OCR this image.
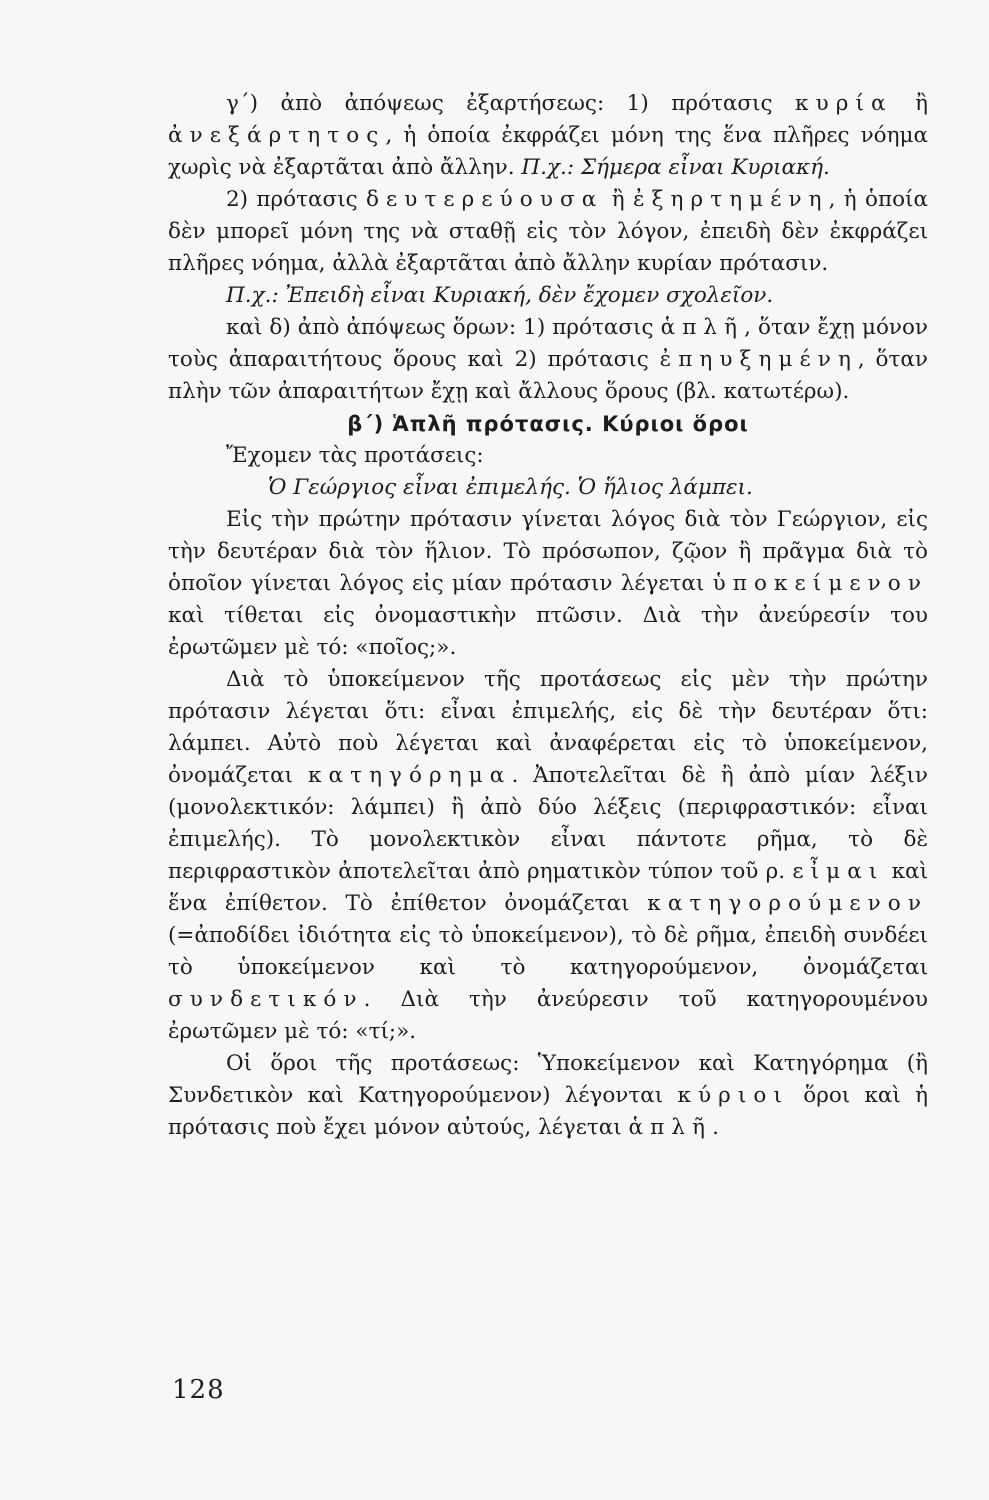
γ΄) ἀπὸ ἀπόψεως ἐξαρτήσεως: 1) πρότασις κυρία ἢ ἀνεξάρτητος, ἡ ὁποία ἐκφράζει μόνη της ἕνα πλῆρες νόημα χωρὶς νὰ ἐξαρτᾶται ἀπὸ ἄλλην. Π.χ.: Σήμερα εἶναι Κυριακή.

2) πρότασις δευτερεύουσα ἢ ἐξηρτημένη, ἡ ὁποία δὲν μπορεῖ μόνη της νὰ σταθῇ εἰς τὸν λόγον, ἐπειδὴ δὲν ἐκφράζει πλῆρες νόημα, ἀλλὰ ἐξαρτᾶται ἀπὸ ἄλλην κυρίαν πρότασιν.

Π.χ.: Ἐπειδὴ εἶναι Κυριακή, δὲν ἔχομεν σχολεῖον.

καὶ δ) ἀπὸ ἀπόψεως ὅρων: 1) πρότασις ἁπλῆ, ὅταν ἔχῃ μόνον τοὺς ἀπαραιτήτους ὅρους καὶ 2) πρότασις ἐπηυξημένη, ὅταν πλὴν τῶν ἀπαραιτήτων ἔχῃ καὶ ἄλλους ὅρους (βλ. κατωτέρω).

β΄) Ἁπλῆ πρότασις. Κύριοι ὅροι

Ἔχομεν τὰς προτάσεις:

Ὁ Γεώργιος εἶναι ἐπιμελής. Ὁ ἥλιος λάμπει.

Εἰς τὴν πρώτην πρότασιν γίνεται λόγος διὰ τὸν Γεώργιον, εἰς τὴν δευτέραν διὰ τὸν ἥλιον. Τὸ πρόσωπον, ζῷον ἢ πρᾶγμα διὰ τὸ ὁποῖον γίνεται λόγος εἰς μίαν πρότασιν λέγεται ὑποκείμενον καὶ τίθεται εἰς ὀνομαστικὴν πτῶσιν. Διὰ τὴν ἀνεύρεσίν του ἐρωτῶμεν μὲ τό: «ποῖος;».

Διὰ τὸ ὑποκείμενον τῆς προτάσεως εἰς μὲν τὴν πρώτην πρότασιν λέγεται ὅτι: εἶναι ἐπιμελής, εἰς δὲ τὴν δευτέραν ὅτι: λάμπει. Αὐτὸ ποὺ λέγεται καὶ ἀναφέρεται εἰς τὸ ὑποκείμενον, ὀνομάζεται κατηγόρημα. Ἀποτελεῖται δὲ ἢ ἀπὸ μίαν λέξιν (μονολεκτικόν: λάμπει) ἢ ἀπὸ δύο λέξεις (περιφραστικόν: εἶναι ἐπιμελής). Τὸ μονολεκτικὸν εἶναι πάντοτε ρῆμα, τὸ δὲ περιφραστικὸν ἀποτελεῖται ἀπὸ ρηματικὸν τύπον τοῦ ρ. εἶμαι καὶ ἕνα ἐπίθετον. Τὸ ἐπίθετον ὀνομάζεται κατηγορούμενον (=ἀποδίδει ἰδιότητα εἰς τὸ ὑποκείμενον), τὸ δὲ ρῆμα, ἐπειδὴ συνδέει τὸ ὑποκείμενον καὶ τὸ κατηγορούμενον, ὀνομάζεται συνδετικόν. Διὰ τὴν ἀνεύρεσιν τοῦ κατηγορουμένου ἐρωτῶμεν μὲ τό: «τί;».

Οἱ ὅροι τῆς προτάσεως: Ὑποκείμενον καὶ Κατηγόρημα (ἢ Συνδετικὸν καὶ Κατηγορούμενον) λέγονται κύριοι ὅροι καὶ ἡ πρότασις ποὺ ἔχει μόνον αὐτούς, λέγεται ἁπλῆ.

128
